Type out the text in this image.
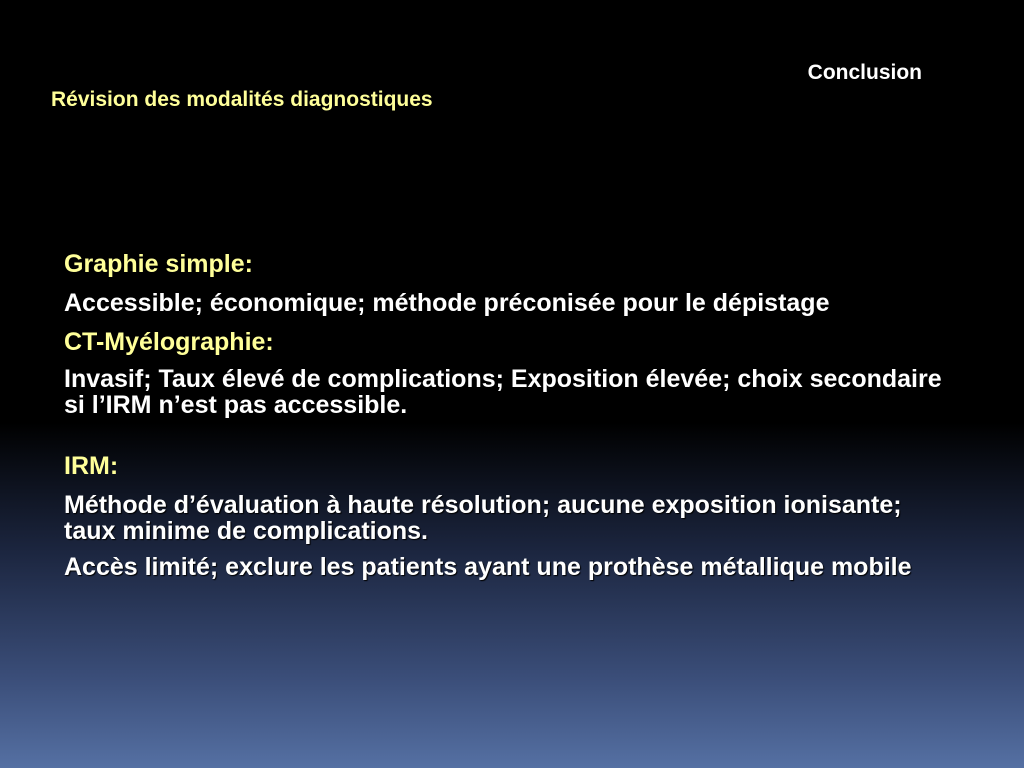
Conclusion

Révision des modalités diagnostiques

Graphie simple:

Accessible; économique; méthode préconisée pour le dépistage

CT-Myélographie:

Invasif; Taux élevé de complications; Exposition élevée; choix secondaire si l’IRM n’est pas accessible.

IRM:

Méthode d’évaluation à haute résolution; aucune exposition ionisante; taux minime de complications.

Accès limité; exclure les patients ayant une prothèse métallique mobile
